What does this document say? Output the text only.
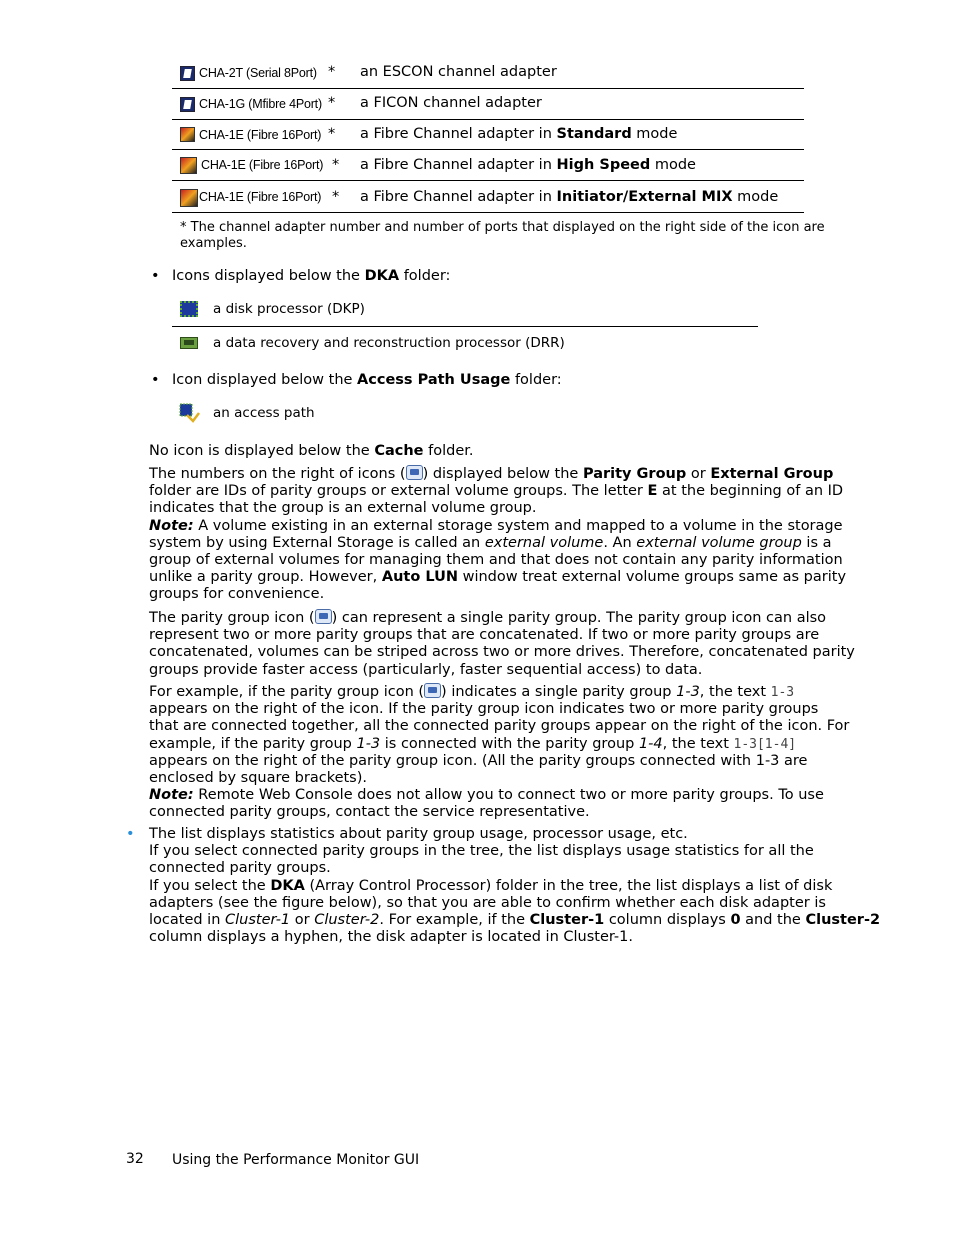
CHA-2T (Serial 8Port) * an ESCON channel adapter
CHA-1G (Mfibre 4Port) * a FICON channel adapter
CHA-1E (Fibre 16Port) * a Fibre Channel adapter in Standard mode
CHA-1E (Fibre 16Port) * a Fibre Channel adapter in High Speed mode
CHA-1E (Fibre 16Port) * a Fibre Channel adapter in Initiator/External MIX mode
* The channel adapter number and number of ports that displayed on the right side of the icon are
examples.
• Icons displayed below the DKA folder:
a disk processor (DKP)
a data recovery and reconstruction processor (DRR)
• Icon displayed below the Access Path Usage folder:
an access path
No icon is displayed below the Cache folder.
The numbers on the right of icons ( ) displayed below the Parity Group or External Group
folder are IDs of parity groups or external volume groups. The letter E at the beginning of an ID
indicates that the group is an external volume group.
Note: A volume existing in an external storage system and mapped to a volume in the storage
system by using External Storage is called an external volume. An external volume group is a
group of external volumes for managing them and that does not contain any parity information
unlike a parity group. However, Auto LUN window treat external volume groups same as parity
groups for convenience.
The parity group icon ( ) can represent a single parity group. The parity group icon can also
represent two or more parity groups that are concatenated. If two or more parity groups are
concatenated, volumes can be striped across two or more drives. Therefore, concatenated parity
groups provide faster access (particularly, faster sequential access) to data.
For example, if the parity group icon ( ) indicates a single parity group 1-3, the text 1-3
appears on the right of the icon. If the parity group icon indicates two or more parity groups
that are connected together, all the connected parity groups appear on the right of the icon. For
example, if the parity group 1-3 is connected with the parity group 1-4, the text 1-3[1-4]
appears on the right of the parity group icon. (All the parity groups connected with 1-3 are
enclosed by square brackets).
Note: Remote Web Console does not allow you to connect two or more parity groups. To use
connected parity groups, contact the service representative.
• The list displays statistics about parity group usage, processor usage, etc.
If you select connected parity groups in the tree, the list displays usage statistics for all the
connected parity groups.
If you select the DKA (Array Control Processor) folder in the tree, the list displays a list of disk
adapters (see the figure below), so that you are able to confirm whether each disk adapter is
located in Cluster-1 or Cluster-2. For example, if the Cluster-1 column displays 0 and the Cluster-2
column displays a hyphen, the disk adapter is located in Cluster-1.
32 Using the Performance Monitor GUI
